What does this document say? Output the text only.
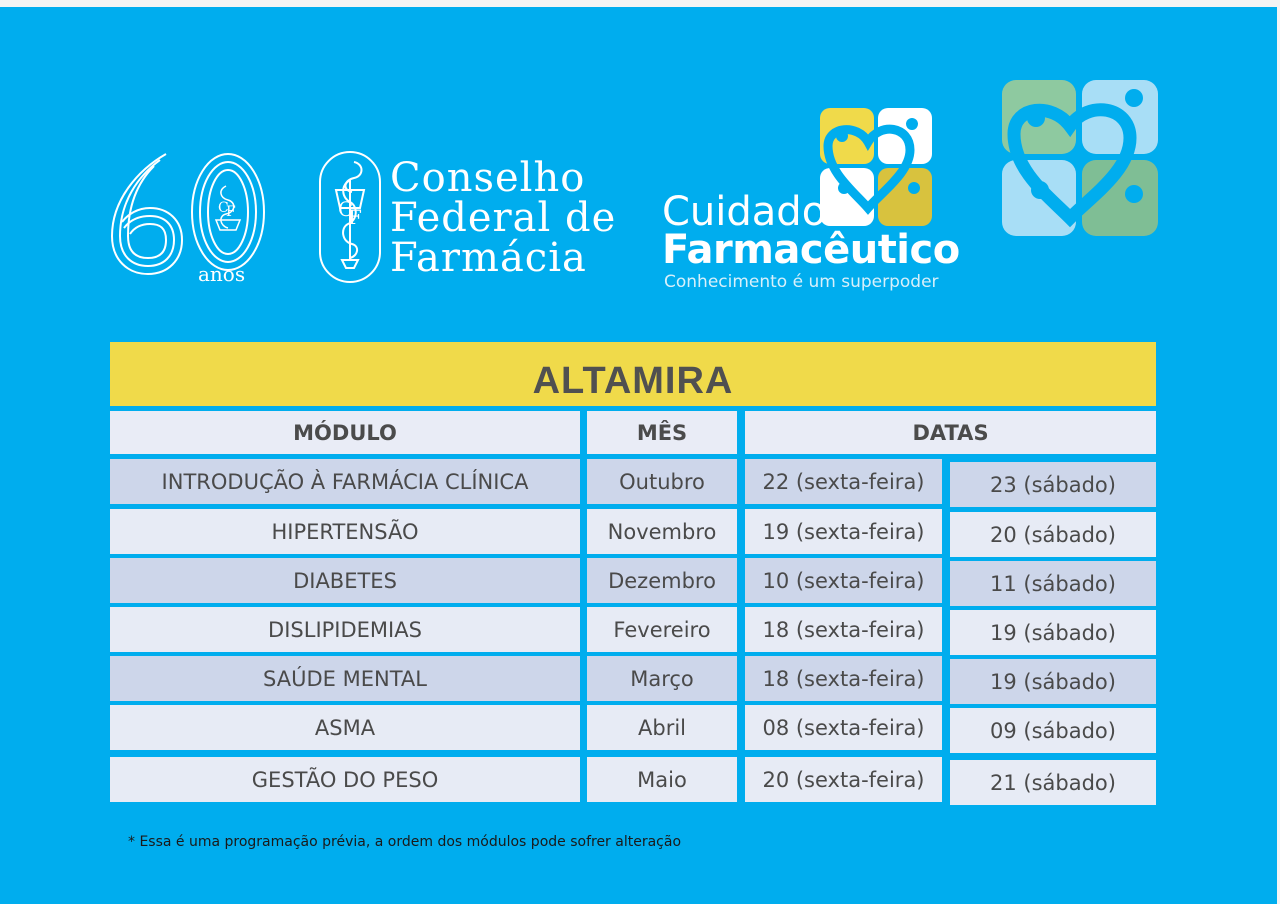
C
F
anos
C
F
Conselho
Federal de
Farmácia
Cuidado
Farmacêutico
Conhecimento é um superpoder
ALTAMIRA
MÓDULO	MÊS	DATAS
INTRODUÇÃO À FARMÁCIA CLÍNICA	Outubro	22 (sexta-feira)	23 (sábado)
HIPERTENSÃO	Novembro	19 (sexta-feira)	20 (sábado)
DIABETES	Dezembro	10 (sexta-feira)	11 (sábado)
DISLIPIDEMIAS	Fevereiro	18 (sexta-feira)	19 (sábado)
SAÚDE MENTAL	Março	18 (sexta-feira)	19 (sábado)
ASMA	Abril	08 (sexta-feira)	09 (sábado)
GESTÃO DO PESO	Maio	20 (sexta-feira)	21 (sábado)
* Essa é uma programação prévia, a ordem dos módulos pode sofrer alteração
